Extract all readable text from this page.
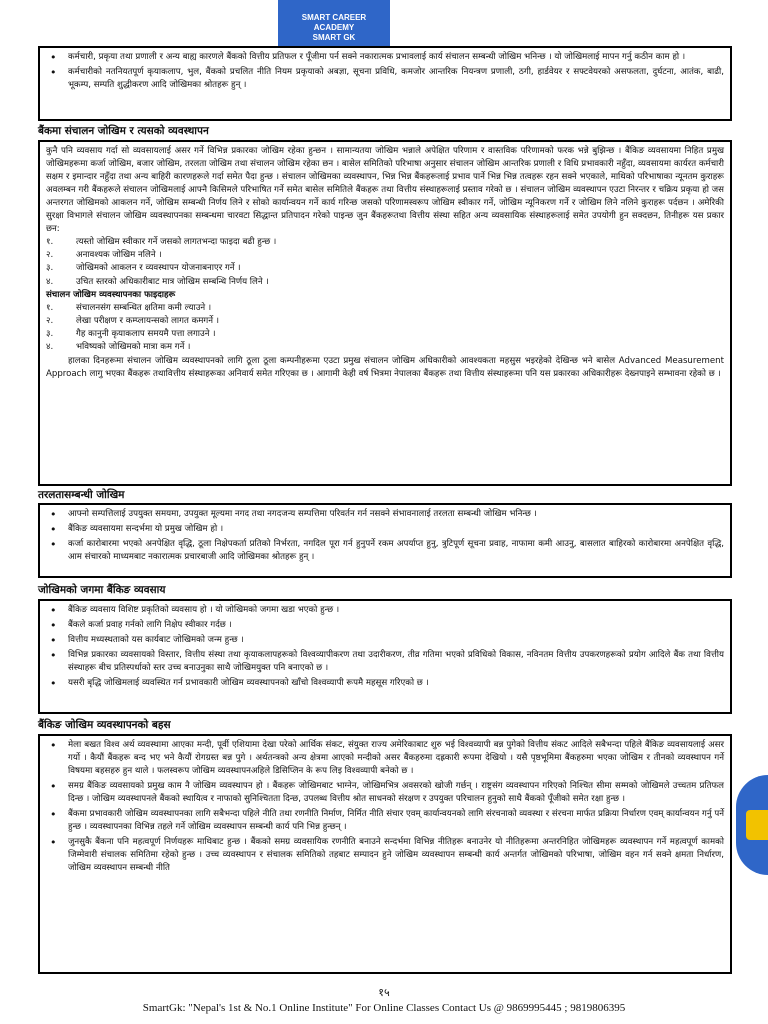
SMART CAREER
ACADEMY
SMART GK
• कर्मचारी, प्रकृया तथा प्रणाली र अन्य बाह्य कारणले बैंकको वित्तीय प्रतिफल र पूँजीमा पर्न सक्ने नकारात्मक प्रभावलाई कार्य संचालन सम्बन्धी जोखिम भनिन्छ । यो जोखिमलाई मापन गर्नु कठीन काम हो ।
• कर्मचारीको नतनियतपूर्ण कृयाकलाप, भुल, बैंकको प्रचलित नीति नियम प्रकृयाको अबज्ञा, सूचना प्रविधि, कमजोर आन्तरिक नियन्त्रण प्रणाली, ठगी, हार्डवेयर र सफ्टवेयरको असफलता, दुर्घटना, आतंक, बाढी, भूकम्प, सम्पति शुद्धीकरण आदि जोखिमका श्रोतहरू हुन् ।
बैंकमा संचालन जोखिम र त्यसको व्यवस्थापन

कुनै पनि व्यवसाय गर्दा सो व्यवसायलाई असर गर्ने विभिन्न प्रकारका जोखिम रहेका हुन्छन । सामान्यतया जोखिम भन्नाले अपेक्षित परिणाम र वास्तविक परिणामको फरक भन्ने बुझिन्छ । बैंकिङ व्यवसायमा निहित प्रमुख जोखिमहरूमा कर्जा जोखिम, बजार जोखिम, तरलता जोखिम तथा संचालन जोखिम रहेका छन । बासेल समितिको परिभाषा अनुसार संचालन जोखिम आन्तरिक प्रणाली र विधि प्रभावकारी नहुँदा, व्यवसायमा कार्यरत कर्मचारी सक्षम र इमान्दार नहुँदा तथा अन्य बाहिरी कारणहरूले गर्दा समेत पैदा हुन्छ । संचालन जोखिमका व्यवस्थापन, भिन्न भिन्न बैंकहरूलाई प्रभाव पार्ने भिन्न भिन्न तत्वहरू रहन सक्ने भएकाले, माथिको परिभाषाका न्यूनतम कुराहरू अवलम्बन गरी बैंकहरूले संचालन जोखिमलाई आफ्नै किसिमले परिभाषित गर्ने समेत बासेल समितिले बैंकहरू तथा वित्तीय संस्थाहरूलाई प्रस्ताव गरेको छ । संचालन जोखिम व्यवस्थापन एउटा निरन्तर र चक्रिय प्रकृया हो जस अन्तरगत जोखिमको आकलन गर्ने, जोखिम सम्बन्धी निर्णय लिने र सोको कार्यान्वयन गर्ने कार्य गरिन्छ जसको परिणामस्वरूप जोखिम स्वीकार गर्ने, जोखिम न्यूनिकरण गर्ने र जोखिम लिने नलिने कुराहरू पर्दछन । अमेरिकी सुरक्षा विभागले संचालन जोखिम व्यवस्थापनका सम्बन्धमा चारवटा सिद्धान्त प्रतिपादन गरेको पाइन्छ जुन बैंकहरूतथा वित्तीय संस्था सहित अन्य व्यवसायिक संस्थाहरूलाई समेत उपयोगी हुन सक्दछन, तिनीहरू यस प्रकार छन:

१.	त्यस्तो जोखिम स्वीकार गर्ने जसको लागतभन्दा फाइदा बढी हुन्छ ।
२.	अनावश्यक जोखिम नलिने ।
३.	जोखिमको आकलन र व्यवस्थापन योजनाबनाएर गर्ने ।
४.	उचित स्तरको अधिकारीबाट मात्र जोखिम सम्बन्धि निर्णय लिने ।
संचालन जोखिम व्यवस्थापनका फाइदाहरू
१.	संचालनसंग सम्बन्धित क्षतिमा कमी ल्याउने ।
२.	लेखा परीक्षण र कम्प्लायन्सको लागत कमगर्ने ।
३.	गैह कानुनी कृयाकलाप समयमै पत्ता लगाउने ।
४.	भविष्यको जोखिमको मात्रा कम गर्ने ।

हालका दिनहरूमा संचालन जोखिम व्यवस्थापनको लागि ठूला ठूला कम्पनीहरूमा एउटा प्रमुख संचालन जोखिम अधिकारीको आवश्यकता महसुस भइरहेको देखिन्छ भने बासेल Advanced Measurement Approach लागु भएका बैंकहरू तथावित्तीय संस्थाहरूका अनिवार्य समेत गरिएका छ । आगामी केही वर्ष भित्रमा नेपालका बैंकहरू तथा वित्तीय संस्थाहरूमा पनि यस प्रकारका अधिकारीहरू देख्नपाइने सम्भावना रहेको छ ।

तरलतासम्बन्धी जोखिम
• आफ्नो सम्पत्तिलाई उपयुक्त समयमा, उपयुक्त मूल्यमा नगद तथा नगदजन्य सम्पत्तिमा परिवर्तन गर्न नसक्ने संभावनालाई तरलता सम्बन्धी जोखिम भनिन्छ ।
• बैंकिङ व्यवसायमा सन्दर्भमा यो प्रमुख जोखिम हो ।
• कर्जा कारोबारमा भएको अनपेक्षित वृद्धि, ठूला निक्षेपकर्ता प्रतिको निर्भरता, नगदिल पूरा गर्न हुनुपर्ने रकम अपर्याप्त हुनु, त्रुटिपूर्ण सूचना प्रवाह, नाफामा कमी आउनु, बासलात बाहिरको कारोबारमा अनपेक्षित वृद्धि, आम संचारको माध्यमबाट नकारात्मक प्रचारबाजी आदि जोखिमका श्रोतहरू हुन् ।
जोखिमको जगमा बैंकिङ व्यवसाय
• बैंकिङ व्यवसाय विशिष्ट प्रकृतिको व्यवसाय हो । यो जोखिमको जगमा खडा भएको हुन्छ ।
• बैंकले कर्जा प्रवाह गर्नको लागि निक्षेप स्वीकार गर्दछ ।
• वित्तीय मध्यस्थताको यस कार्यबाट जोखिमको जन्म हुन्छ ।
• विभिन्न प्रकारका व्यवसायको विस्तार, वित्तीय संस्था तथा कृयाकलापहरूको विश्वव्यापीकरण तथा उदारीकरण, तीव्र गतिमा भएको प्रविधिको विकास, नविनतम वित्तीय उपकरणहरूको प्रयोग आदिले बैंक तथा वित्तीय संस्थाहरू बीच प्रतिस्पर्धाको स्तर उच्च बनाउनुका साथै जोखिमयुक्त पनि बनाएको छ ।
• यसरी बृद्धि जोखिमलाई व्यवस्थित गर्न प्रभावकारी जोखिम व्यवस्थापनको खाँचो विश्वव्यापी रूपमै महसूस गरिएको छ ।
बैंकिङ जोखिम व्यवस्थापनको बहस
• मेला बखत विश्व अर्थ व्यवस्थामा आएका मन्दी, पूर्वी एशियामा देखा परेको आर्थिक संकट, संयुक्त राज्य अमेरिकाबाट शुरु भई विश्वव्यापी बन्न पुगेको वित्तीय संकट आदिले सबैभन्दा पहिले बैंकिङ व्यवसायलाई असर गर्यो । कैयौं बैंकहरू बन्द भए भने कैयौं रोगग्रस्त बन्न पुगे । अर्थतन्त्रको अन्य क्षेत्रमा आएको मन्दीको असर बैंकहरुमा दह्रकारी रूपमा देखियो । यसै पृष्ठभूमिमा बैंकहरुमा भएका जोखिम र तीनको व्यवस्थापन गर्ने विषयमा बहसहरु हुन थाले । फलस्वरूप जोखिम व्यवस्थापनअहिले डिसिप्लिन के रूप लिइ विश्वव्यापी बनेको छ ।
• समग्र बैंकिङ व्यवसायको प्रमुख काम नै जोखिम व्यवस्थापन हो । बैंकहरू जोखिमबाट भाग्नेन, जोखिमभित्र अवसरको खोजी गर्छन् । राष्ट्रसंग व्यवस्थापन गरिएको निश्चित सीमा सम्मको जोखिमले उच्चतम प्रतिफल दिन्छ । जोखिम व्यवस्थापनले बैंकको स्थायित्व र नाफाको सुनिश्चितता दिन्छ, उपलब्ध वित्तीय श्रोत साधनको संरक्षण र उपयुक्त परिचालन हुनुको साथै बैंकको पूँजीको समेत रक्षा हुन्छ ।
• बैंकमा प्रभावकारी जोखिम व्यवस्थापनका लागि सबैभन्दा पहिले नीति तथा रणनीति निर्माण, निर्मित नीति संचार एवम् कार्यान्वयनको लागि संरचनाको व्यवस्था र संरचना मार्फत प्रक्रिया निर्धारण एवम् कार्यान्वयन गर्नु पर्ने हुन्छ । व्यवस्थापनका विभिन्न तहले गर्ने जोखिम व्यवस्थापन सम्बन्धी कार्य पनि भिन्न हुन्छन् ।
• जुनसुकै बैंकना पनि महत्वपूर्ण निर्णयहरू माथिबाट हुन्छ । बैंकको समग्र व्यवसायिक रणनीति बनाउने सन्दर्भमा विभिन्न नीतिहरू बनाउनेर यो नीतिहरूमा अन्तरनिहित जोखिमहरू व्यवस्थापन गर्ने महत्वपूर्ण कामको जिम्मेवारी संचालक समितिमा रहेको हुन्छ । उच्च व्यवस्थापन र संचालक समितिको तहबाट सम्पादन हुने जोखिम व्यवस्थापन सम्बन्धी कार्य अन्तर्गत जोखिमको परिभाषा, जोखिम वहन गर्न सक्ने क्षमता निर्धारण, जोखिम व्यवस्थापन सम्बन्धी नीति
१५
SmartGk: "Nepal's 1st & No.1 Online Institute" For Online Classes Contact Us @ 9869995445 ; 9819806395
